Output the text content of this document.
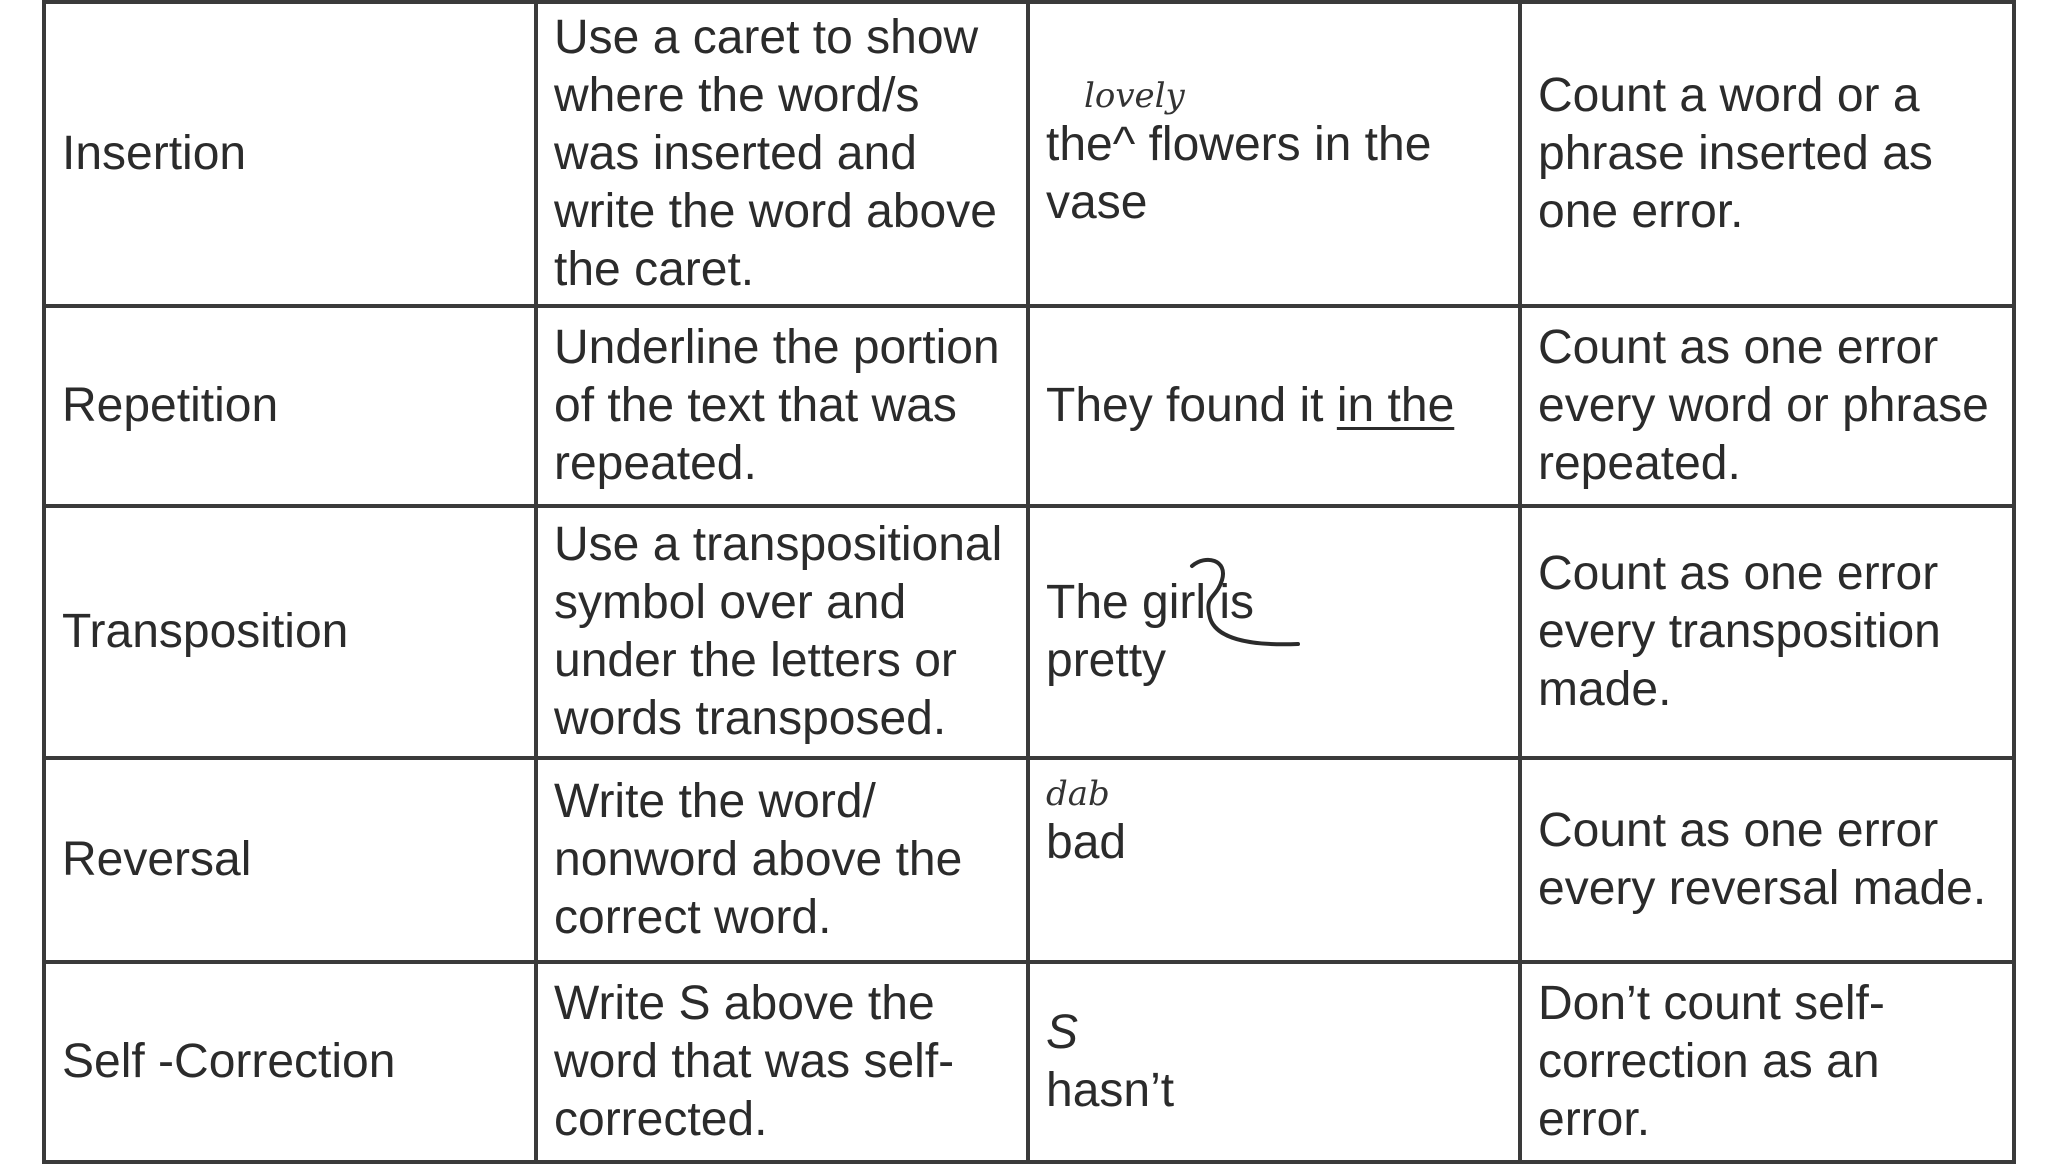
Insertion	Use a caret to show
where the word/s
was inserted and
write the word above
the caret.	lovely
the^ flowers in the
vase	Count a word or a
phrase inserted as
one error.

Repetition	Underline the portion
of the text that was
repeated.	They found it in the	Count as one error
every word or phrase
repeated.

Transposition	Use a transpositional
symbol over and
under the letters or
words transposed.	The girl is
pretty	Count as one error
every transposition
made.

Reversal	Write the word/
nonword above the
correct word.	dab
bad	Count as one error
every reversal made.

Self -Correction	Write S above the
word that was self-
corrected.	S
hasn’t	Don’t count self-
correction as an
error.
